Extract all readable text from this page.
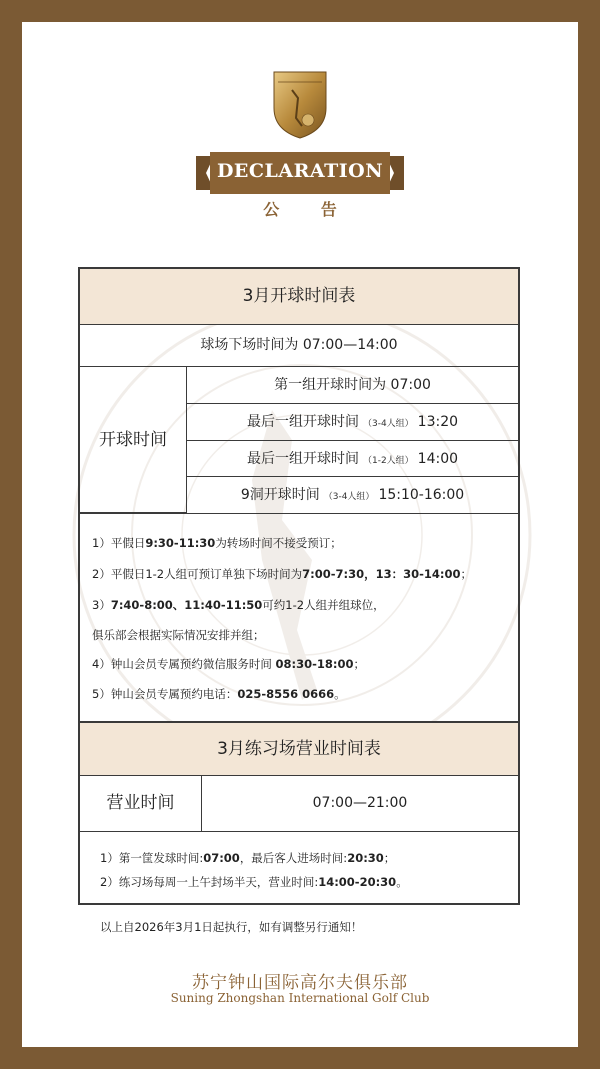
DECLARATION
公 告
3月开球时间表
球场下场时间为 07:00—14:00
开球时间
第一组开球时间为 07:00
最后一组开球时间 （3-4人组） 13:20
最后一组开球时间 （1-2人组） 14:00
9洞开球时间 （3-4人组） 15:10-16:00
1）平假日9:30-11:30为转场时间不接受预订；
2）平假日1-2人组可预订单独下场时间为7:00-7:30，13：30-14:00；
3）7:40-8:00、11:40-11:50可约1-2人组并组球位，
俱乐部会根据实际情况安排并组；
4）钟山会员专属预约微信服务时间 08:30-18:00；
5）钟山会员专属预约电话：025-8556 0666。
3月练习场营业时间表
营业时间	07:00—21:00
1）第一筐发球时间:07:00，最后客人进场时间:20:30；
2）练习场每周一上午封场半天，营业时间:14:00-20:30。
以上自2026年3月1日起执行，如有调整另行通知！
苏宁钟山国际高尔夫俱乐部
Suning Zhongshan International Golf Club
